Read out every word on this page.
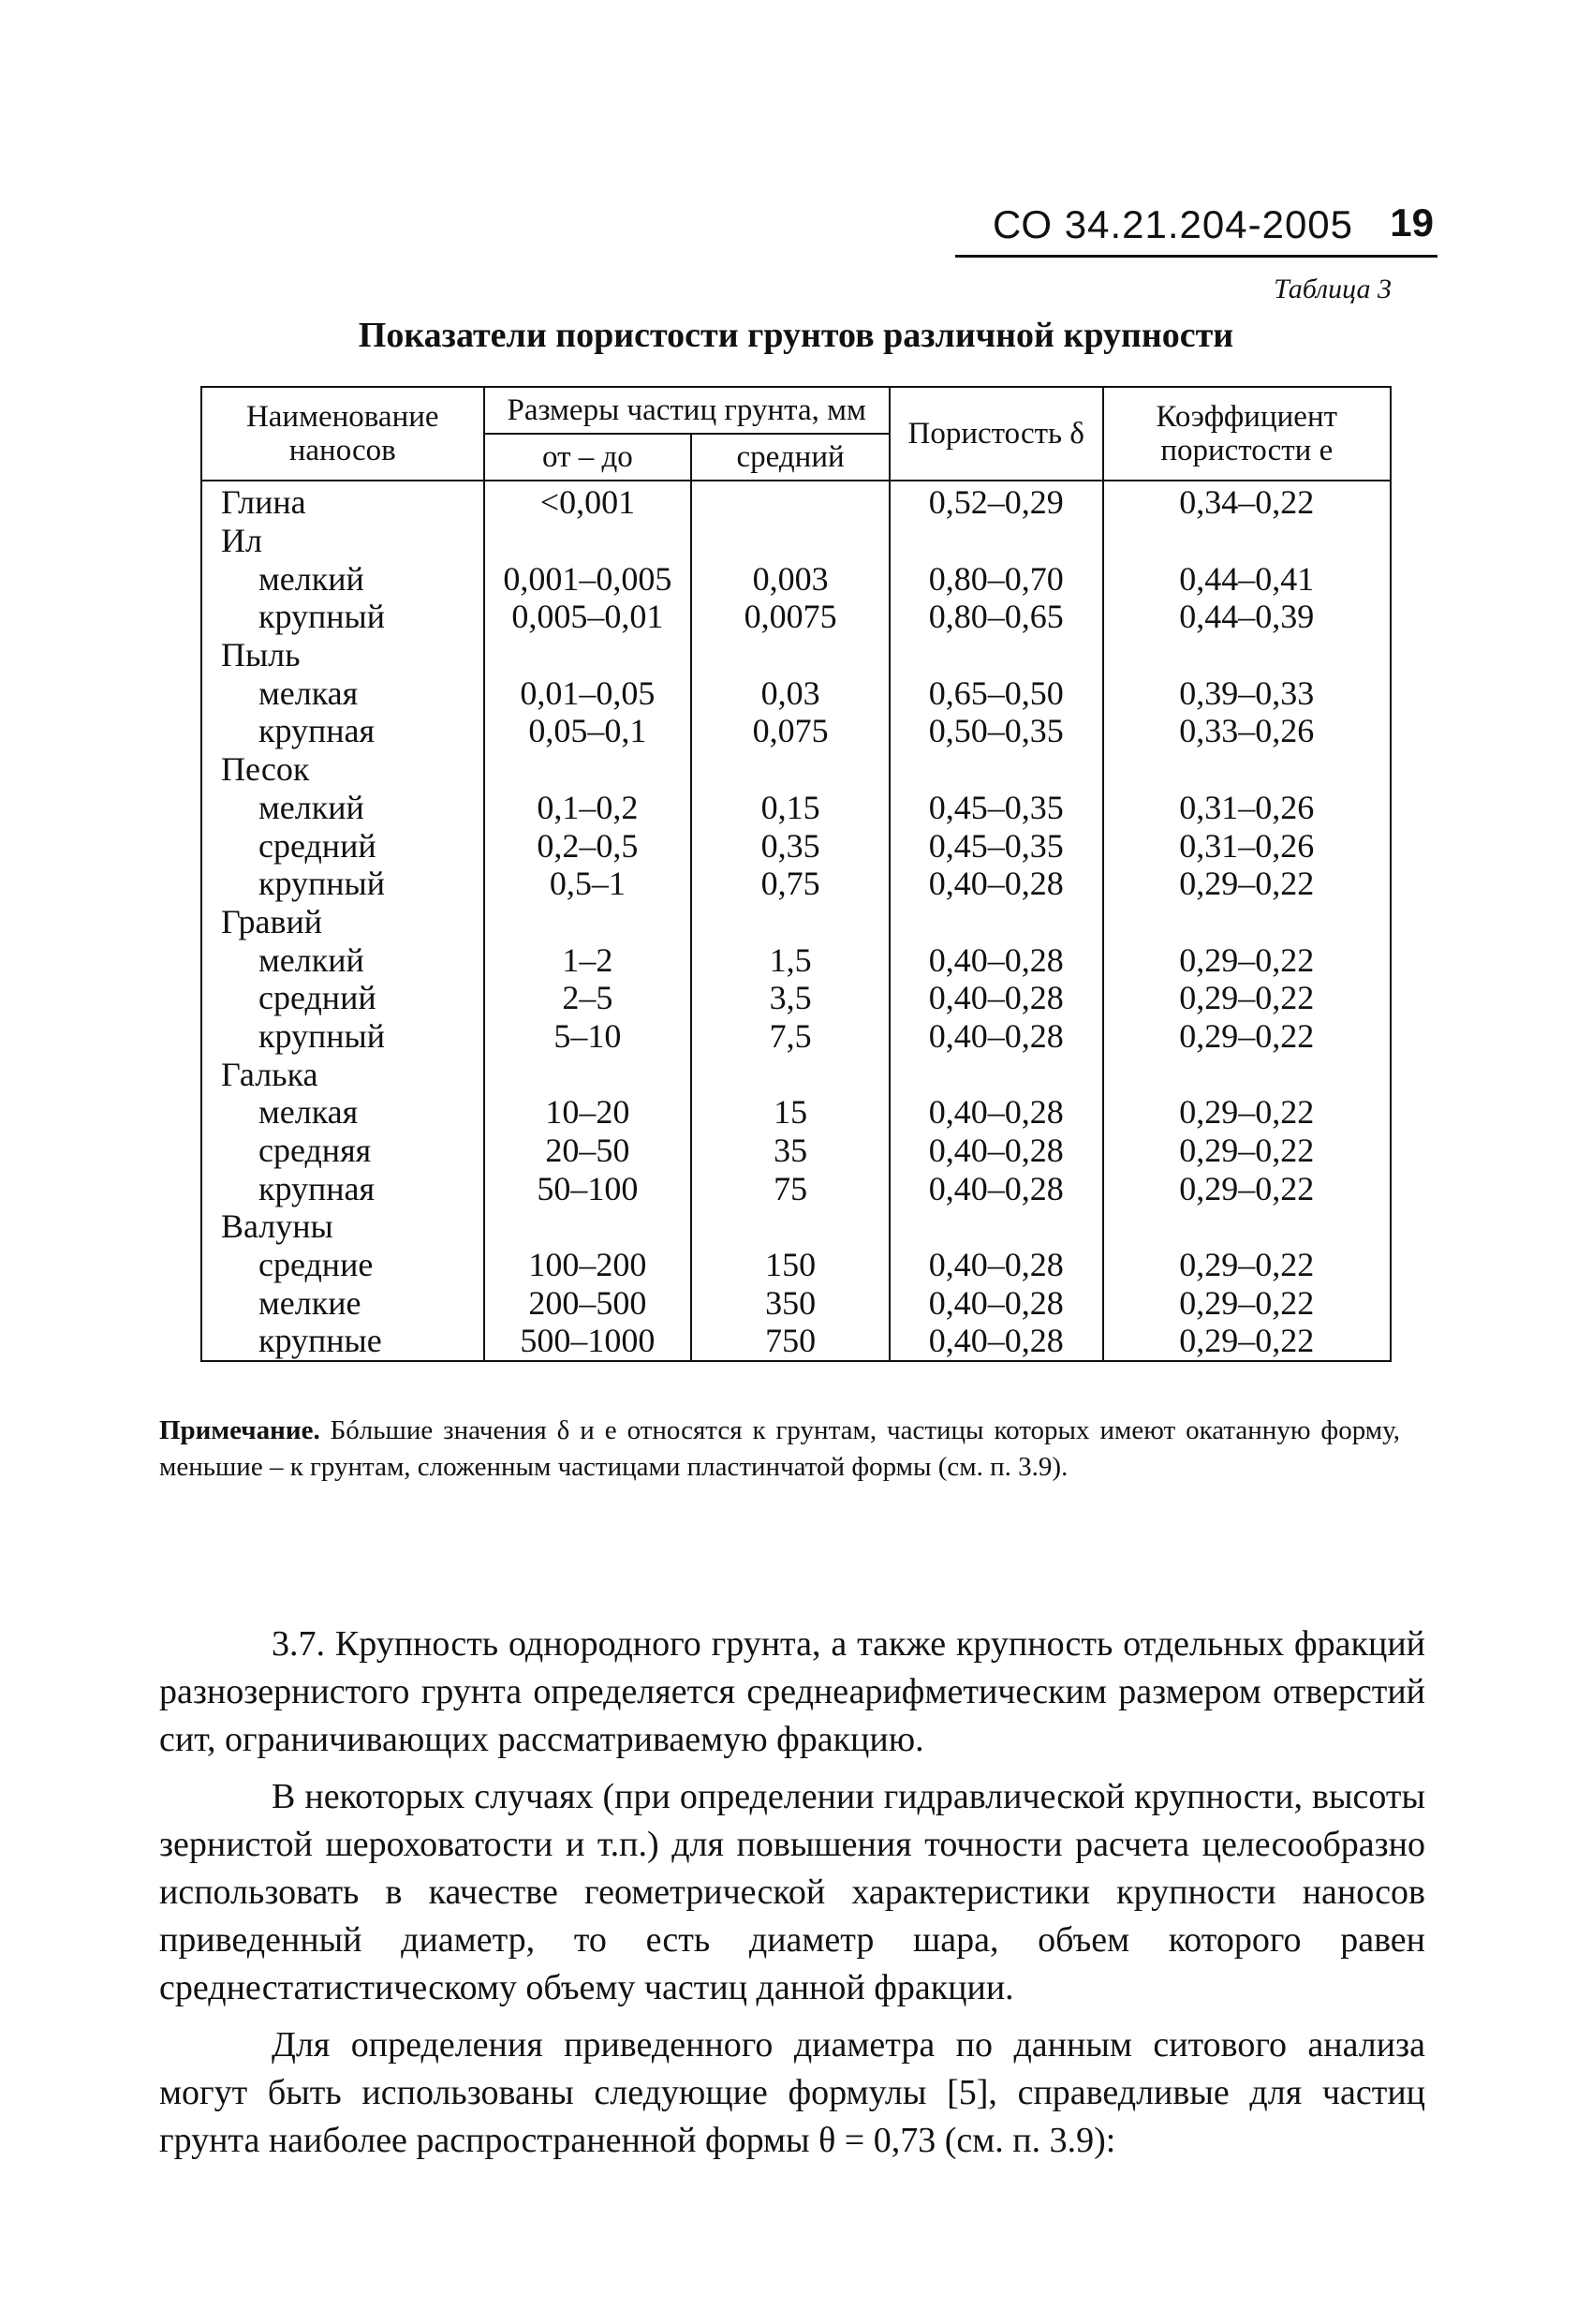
СО 34.21.204-2005 19
Таблица 3
Показатели пористости грунтов различной крупности
Наименование наносов	Размеры частиц грунта, мм		Пористость δ	Коэффициент пористости е
	от – до	средний		
Глина	<0,001		0,52–0,29	0,34–0,22
Ил				
мелкий	0,001–0,005	0,003	0,80–0,70	0,44–0,41
крупный	0,005–0,01	0,0075	0,80–0,65	0,44–0,39
Пыль				
мелкая	0,01–0,05	0,03	0,65–0,50	0,39–0,33
крупная	0,05–0,1	0,075	0,50–0,35	0,33–0,26
Песок				
мелкий	0,1–0,2	0,15	0,45–0,35	0,31–0,26
средний	0,2–0,5	0,35	0,45–0,35	0,31–0,26
крупный	0,5–1	0,75	0,40–0,28	0,29–0,22
Гравий				
мелкий	1–2	1,5	0,40–0,28	0,29–0,22
средний	2–5	3,5	0,40–0,28	0,29–0,22
крупный	5–10	7,5	0,40–0,28	0,29–0,22
Галька				
мелкая	10–20	15	0,40–0,28	0,29–0,22
средняя	20–50	35	0,40–0,28	0,29–0,22
крупная	50–100	75	0,40–0,28	0,29–0,22
Валуны				
средние	100–200	150	0,40–0,28	0,29–0,22
мелкие	200–500	350	0,40–0,28	0,29–0,22
крупные	500–1000	750	0,40–0,28	0,29–0,22
Примечание. Бóльшие значения δ и е относятся к грунтам, частицы которых имеют окатанную форму, меньшие – к грунтам, сложенным частицами пластинчатой формы (см. п. 3.9).

3.7. Крупность однородного грунта, а также крупность отдельных фракций разнозернистого грунта определяется среднеарифметическим размером отверстий сит, ограничивающих рассматриваемую фракцию.

В некоторых случаях (при определении гидравлической крупности, высоты зернистой шероховатости и т.п.) для повышения точности расчета целесообразно использовать в качестве геометрической характеристики крупности наносов приведенный диаметр, то есть диаметр шара, объем которого равен среднестатистическому объему частиц данной фракции.

Для определения приведенного диаметра по данным ситового анализа могут быть использованы следующие формулы [5], справедливые для частиц грунта наиболее распространенной формы θ = 0,73 (см. п. 3.9):
